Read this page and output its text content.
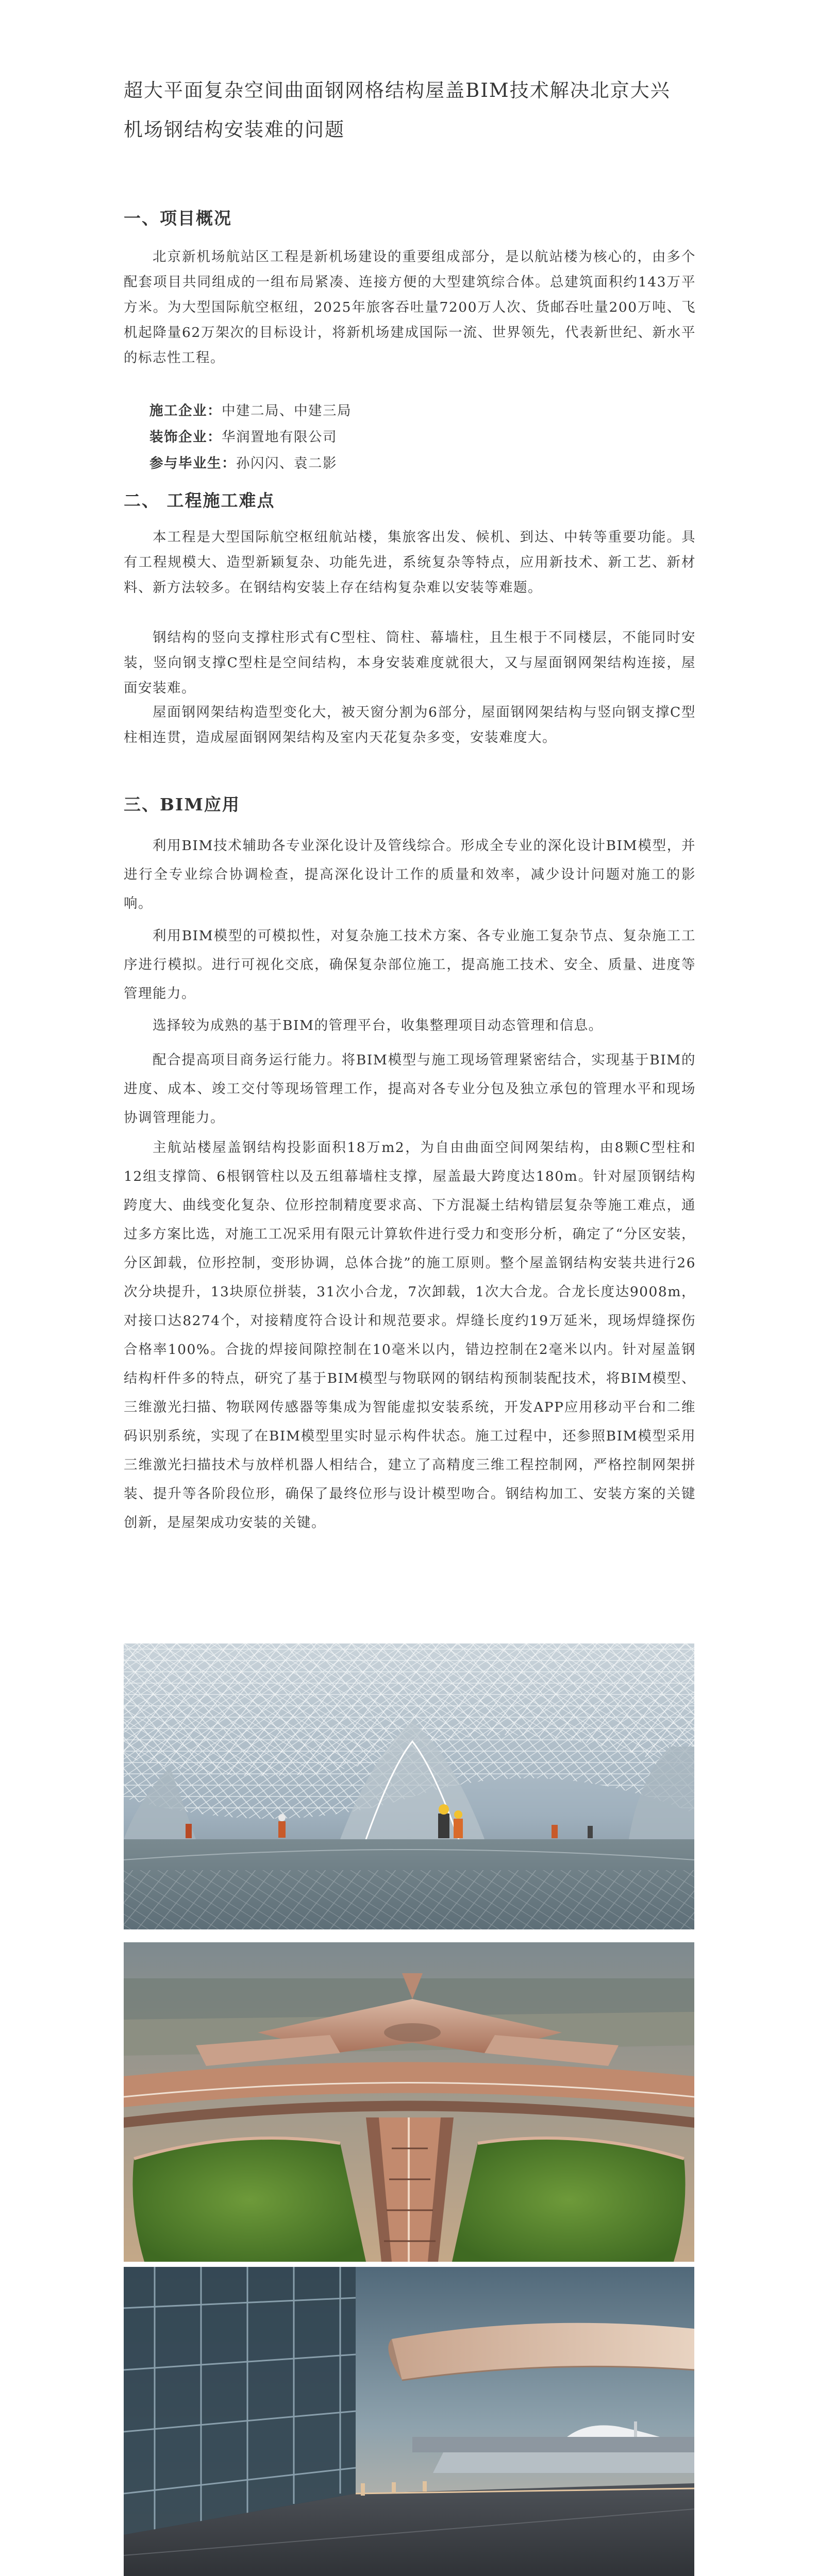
超大平面复杂空间曲面钢网格结构屋盖BIM技术解决北京大兴
机场钢结构安装难的问题
一、项目概况
北京新机场航站区工程是新机场建设的重要组成部分，是以航站楼为核心的，由多个配套项目共同组成的一组布局紧凑、连接方便的大型建筑综合体。总建筑面积约143万平方米。为大型国际航空枢纽，2025年旅客吞吐量7200万人次、货邮吞吐量200万吨、飞机起降量62万架次的目标设计，将新机场建成国际一流、世界领先，代表新世纪、新水平的标志性工程。
施工企业：中建二局、中建三局
装饰企业：华润置地有限公司
参与毕业生：孙闪闪、袁二影
二、 工程施工难点
本工程是大型国际航空枢纽航站楼，集旅客出发、候机、到达、中转等重要功能。具有工程规模大、造型新颖复杂、功能先进，系统复杂等特点，应用新技术、新工艺、新材料、新方法较多。在钢结构安装上存在结构复杂难以安装等难题。
钢结构的竖向支撑柱形式有C型柱、筒柱、幕墙柱，且生根于不同楼层，不能同时安装，竖向钢支撑C型柱是空间结构，本身安装难度就很大，又与屋面钢网架结构连接，屋面安装难。
屋面钢网架结构造型变化大，被天窗分割为6部分，屋面钢网架结构与竖向钢支撑C型柱相连贯，造成屋面钢网架结构及室内天花复杂多变，安装难度大。
三、BIM应用
利用BIM技术辅助各专业深化设计及管线综合。形成全专业的深化设计BIM模型，并进行全专业综合协调检查，提高深化设计工作的质量和效率，减少设计问题对施工的影响。
利用BIM模型的可模拟性，对复杂施工技术方案、各专业施工复杂节点、复杂施工工序进行模拟。进行可视化交底，确保复杂部位施工，提高施工技术、安全、质量、进度等管理能力。
选择较为成熟的基于BIM的管理平台，收集整理项目动态管理和信息。
配合提高项目商务运行能力。将BIM模型与施工现场管理紧密结合，实现基于BIM的进度、成本、竣工交付等现场管理工作，提高对各专业分包及独立承包的管理水平和现场协调管理能力。
主航站楼屋盖钢结构投影面积18万m2，为自由曲面空间网架结构，由8颗C型柱和12组支撑筒、6根钢管柱以及五组幕墙柱支撑，屋盖最大跨度达180m。针对屋顶钢结构跨度大、曲线变化复杂、位形控制精度要求高、下方混凝土结构错层复杂等施工难点，通过多方案比选，对施工工况采用有限元计算软件进行受力和变形分析，确定了“分区安装，分区卸载，位形控制，变形协调，总体合拢”的施工原则。整个屋盖钢结构安装共进行26次分块提升，13块原位拼装，31次小合龙，7次卸载，1次大合龙。合龙长度达9008m，对接口达8274个，对接精度符合设计和规范要求。焊缝长度约19万延米，现场焊缝探伤合格率100%。合拢的焊接间隙控制在10毫米以内，错边控制在2毫米以内。针对屋盖钢结构杆件多的特点，研究了基于BIM模型与物联网的钢结构预制装配技术，将BIM模型、三维激光扫描、物联网传感器等集成为智能虚拟安装系统，开发APP应用移动平台和二维码识别系统，实现了在BIM模型里实时显示构件状态。施工过程中，还参照BIM模型采用三维激光扫描技术与放样机器人相结合，建立了高精度三维工程控制网，严格控制网架拼装、提升等各阶段位形，确保了最终位形与设计模型吻合。钢结构加工、安装方案的关键创新，是屋架成功安装的关键。
